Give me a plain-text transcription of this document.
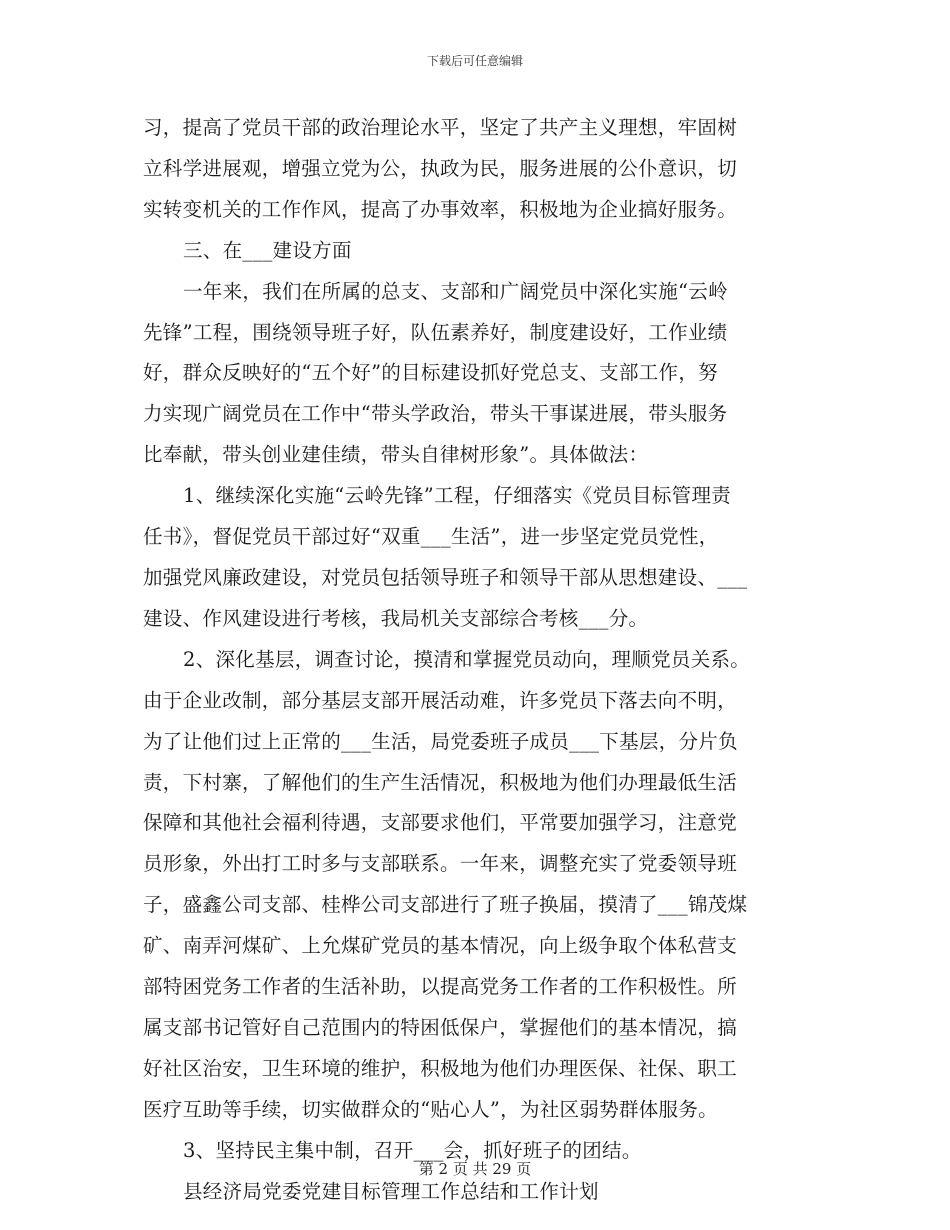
下载后可任意编辑

习，提高了党员干部的政治理论水平，坚定了共产主义理想，牢固树
立科学进展观，增强立党为公，执政为民，服务进展的公仆意识，切
实转变机关的工作作风，提高了办事效率，积极地为企业搞好服务。

三、在___建设方面

一年来，我们在所属的总支、支部和广阔党员中深化实施“云岭
先锋”工程，围绕领导班子好，队伍素养好，制度建设好，工作业绩
好，群众反映好的“五个好”的目标建设抓好党总支、支部工作，努
力实现广阔党员在工作中“带头学政治，带头干事谋进展，带头服务
比奉献，带头创业建佳绩，带头自律树形象”。具体做法：

1、继续深化实施“云岭先锋”工程，仔细落实《党员目标管理责
任书》，督促党员干部过好“双重___生活”，进一步坚定党员党性，
加强党风廉政建设，对党员包括领导班子和领导干部从思想建设、___
建设、作风建设进行考核，我局机关支部综合考核___分。

2、深化基层，调查讨论，摸清和掌握党员动向，理顺党员关系。
由于企业改制，部分基层支部开展活动难，许多党员下落去向不明，
为了让他们过上正常的___生活，局党委班子成员___下基层，分片负
责，下村寨，了解他们的生产生活情况，积极地为他们办理最低生活
保障和其他社会福利待遇，支部要求他们，平常要加强学习，注意党
员形象，外出打工时多与支部联系。一年来，调整充实了党委领导班
子，盛鑫公司支部、桂桦公司支部进行了班子换届，摸清了___锦茂煤
矿、南弄河煤矿、上允煤矿党员的基本情况，向上级争取个体私营支
部特困党务工作者的生活补助，以提高党务工作者的工作积极性。所
属支部书记管好自己范围内的特困低保户，掌握他们的基本情况，搞
好社区治安，卫生环境的维护，积极地为他们办理医保、社保、职工
医疗互助等手续，切实做群众的“贴心人”，为社区弱势群体服务。

3、坚持民主集中制，召开___会，抓好班子的团结。

县经济局党委党建目标管理工作总结和工作计划

第 2 页 共 29 页
